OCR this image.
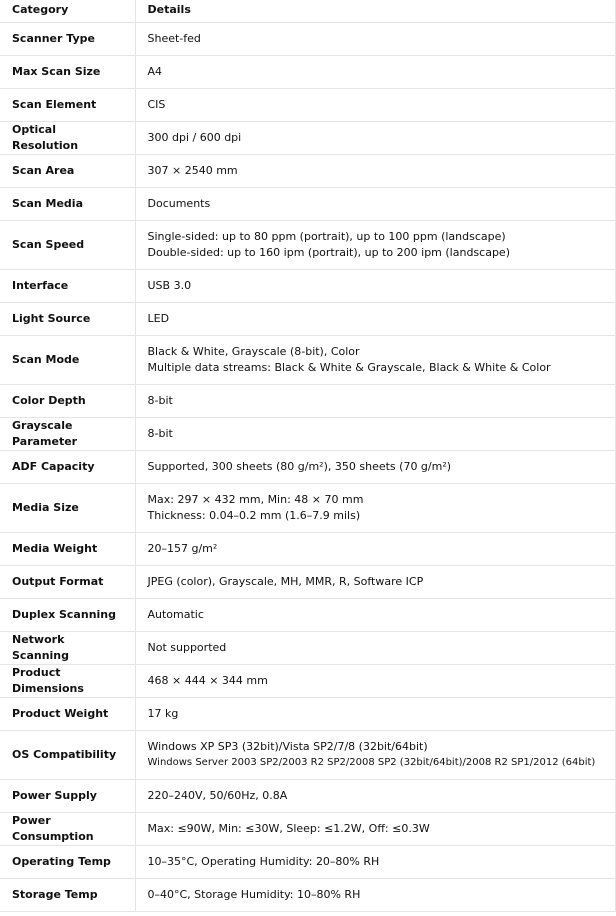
Category	Details
Scanner Type	Sheet-fed

Max Scan Size	A4

Scan Element	CIS

Optical Resolution	300 dpi / 600 dpi

Scan Area	307 × 2540 mm

Scan Media	Documents

Scan Speed	Single-sided: up to 80 ppm (portrait), up to 100 ppm (landscape)
Double-sided: up to 160 ipm (portrait), up to 200 ipm (landscape)

Interface	USB 3.0

Light Source	LED

Scan Mode	Black & White, Grayscale (8-bit), Color
Multiple data streams: Black & White & Grayscale, Black & White & Color

Color Depth	8-bit

Grayscale Parameter	8-bit

ADF Capacity	Supported, 300 sheets (80 g/m²), 350 sheets (70 g/m²)

Media Size	Max: 297 × 432 mm, Min: 48 × 70 mm
Thickness: 0.04–0.2 mm (1.6–7.9 mils)

Media Weight	20–157 g/m²

Output Format	JPEG (color), Grayscale, MH, MMR, R, Software ICP

Duplex Scanning	Automatic

Network Scanning	Not supported

Product Dimensions	468 × 444 × 344 mm

Product Weight	17 kg

OS Compatibility	Windows XP SP3 (32bit)/Vista SP2/7/8 (32bit/64bit)
Windows Server 2003 SP2/2003 R2 SP2/2008 SP2 (32bit/64bit)/2008 R2 SP1/2012 (64bit)

Power Supply	220–240V, 50/60Hz, 0.8A

Power Consumption	Max: ≤90W, Min: ≤30W, Sleep: ≤1.2W, Off: ≤0.3W

Operating Temp	10–35°C, Operating Humidity: 20–80% RH

Storage Temp	0–40°C, Storage Humidity: 10–80% RH
